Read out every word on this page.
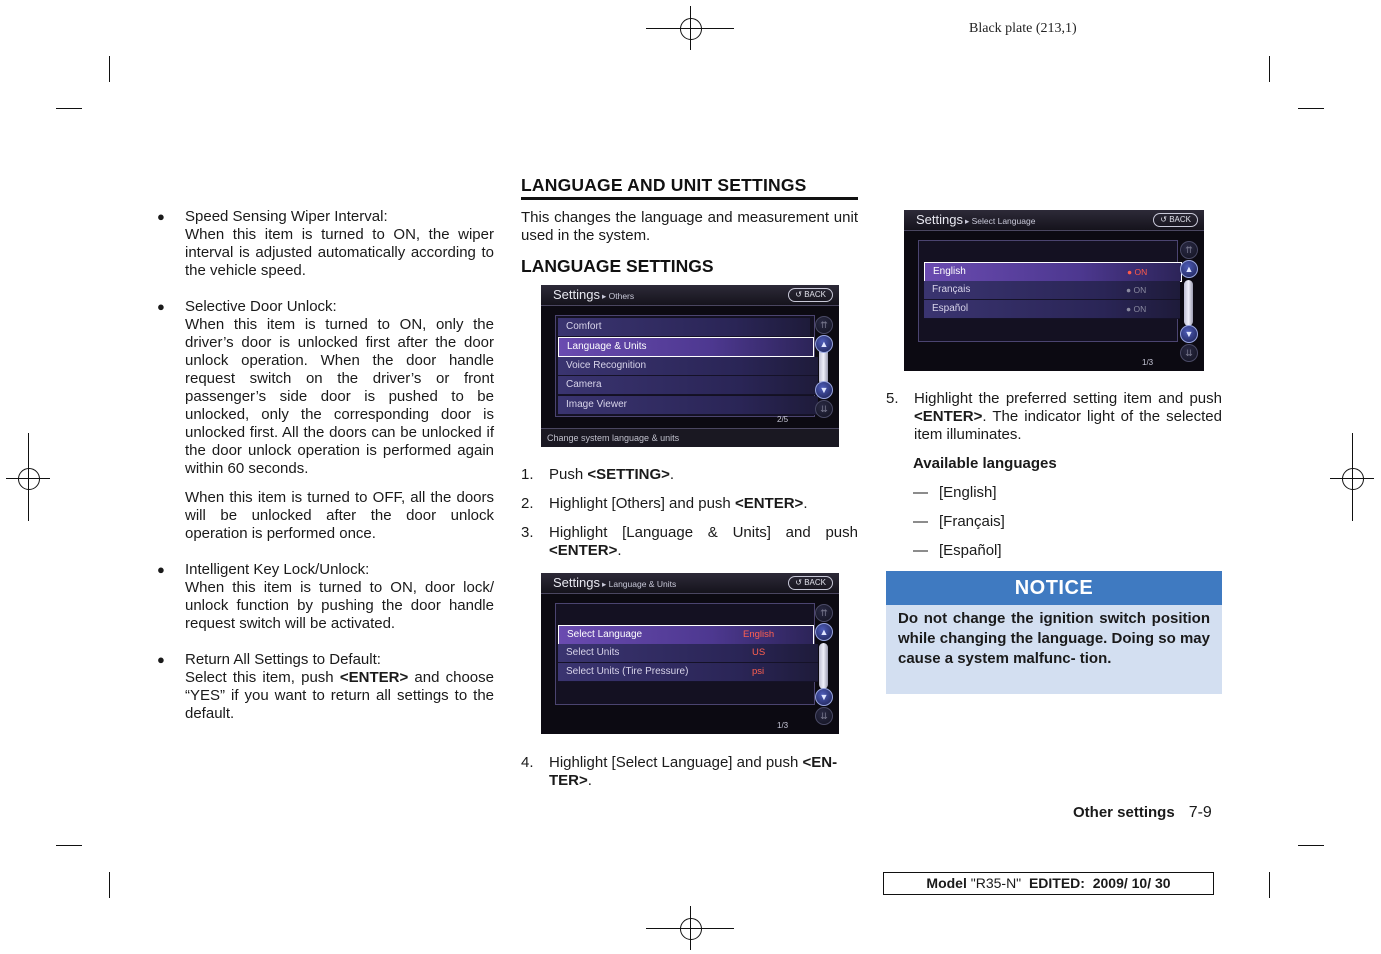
Black plate (213,1)
● Speed Sensing Wiper Interval:

When this item is turned to ON, the wiper interval is adjusted automatically according to the vehicle speed.

● Selective Door Unlock:

When this item is turned to ON, only the driver’s door is unlocked first after the door unlock operation. When the door handle request switch on the driver’s or front passenger’s side door is pushed to be unlocked, only the corresponding door is unlocked first. All the doors can be unlocked if the door unlock operation is performed again within 60 seconds.

When this item is turned to OFF, all the doors will be unlocked after the door unlock operation is performed once.

● Intelligent Key Lock/Unlock:

When this item is turned to ON, door lock/ unlock function by pushing the door handle request switch will be activated.

● Return All Settings to Default:

Select this item, push <ENTER> and choose “YES” if you want to return all settings to the default.

LANGUAGE AND UNIT SETTINGS

This changes the language and measurement unit used in the system.

LANGUAGE SETTINGS
Settings ▸ Others	↺ BACK
Comfort
Language & Units
Voice Recognition
Camera
Image Viewer
⇈
▲
▼
⇊
2/5
Change system language & units
1. Push <SETTING>.

2. Highlight [Others] and push <ENTER>.

3. Highlight [Language & Units] and push <ENTER>.

Settings ▸ Language & Units	↺ BACK
Select Language	English
Select Units	US
Select Units (Tire Pressure)	psi
⇈
▲
▼
⇊
1/3
4. Highlight [Select Language] and push <EN-
TER>.

Settings ▸ Select Language	↺ BACK
English	● ON
Français	● ON
Español	● ON
⇈
▲
▼
⇊
1/3
5. Highlight the preferred setting item and push <ENTER>. The indicator light of the selected item illuminates.

Available languages
— [English]
— [Français]
— [Español]
NOTICE
Do not change the ignition switch position while changing the language. Doing so may cause a system malfunc- tion.
Other settings 7-9
Model "R35-N" EDITED: 2009/ 10/ 30
